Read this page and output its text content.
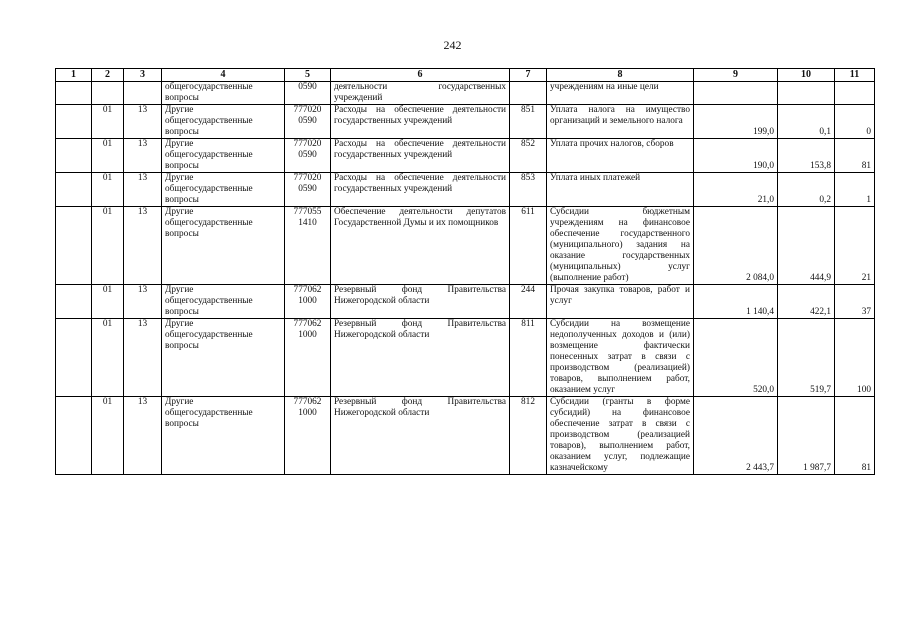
242
1	2	3	4	5	6	7	8	9	10	11
			общегосударственные вопросы	0590	деятельности государственных учреждений		учреждениям на иные цели			
	01	13	Другие общегосударственные вопросы	777020 0590	Расходы на обеспечение деятельности государственных учреждений	851	Уплата налога на имущество организаций и земельного налога	199,0	0,1	0
	01	13	Другие общегосударственные вопросы	777020 0590	Расходы на обеспечение деятельности государственных учреждений	852	Уплата прочих налогов, сборов	190,0	153,8	81
	01	13	Другие общегосударственные вопросы	777020 0590	Расходы на обеспечение деятельности государственных учреждений	853	Уплата иных платежей	21,0	0,2	1
	01	13	Другие общегосударственные вопросы	777055 1410	Обеспечение деятельности депутатов Государственной Думы и их помощников	611	Субсидии бюджетным учреждениям на финансовое обеспечение государственного (муниципального) задания на оказание государственных (муниципальных) услуг (выполнение работ)	2 084,0	444,9	21
	01	13	Другие общегосударственные вопросы	777062 1000	Резервный фонд Правительства Нижегородской области	244	Прочая закупка товаров, работ и услуг	1 140,4	422,1	37
	01	13	Другие общегосударственные вопросы	777062 1000	Резервный фонд Правительства Нижегородской области	811	Субсидии на возмещение недополученных доходов и (или) возмещение фактически понесенных затрат в связи с производством (реализацией) товаров, выполнением работ, оказанием услуг	520,0	519,7	100
	01	13	Другие общегосударственные вопросы	777062 1000	Резервный фонд Правительства Нижегородской области	812	Субсидии (гранты в форме субсидий) на финансовое обеспечение затрат в связи с производством (реализацией товаров), выполнением работ, оказанием услуг, подлежащие казначейскому	2 443,7	1 987,7	81
